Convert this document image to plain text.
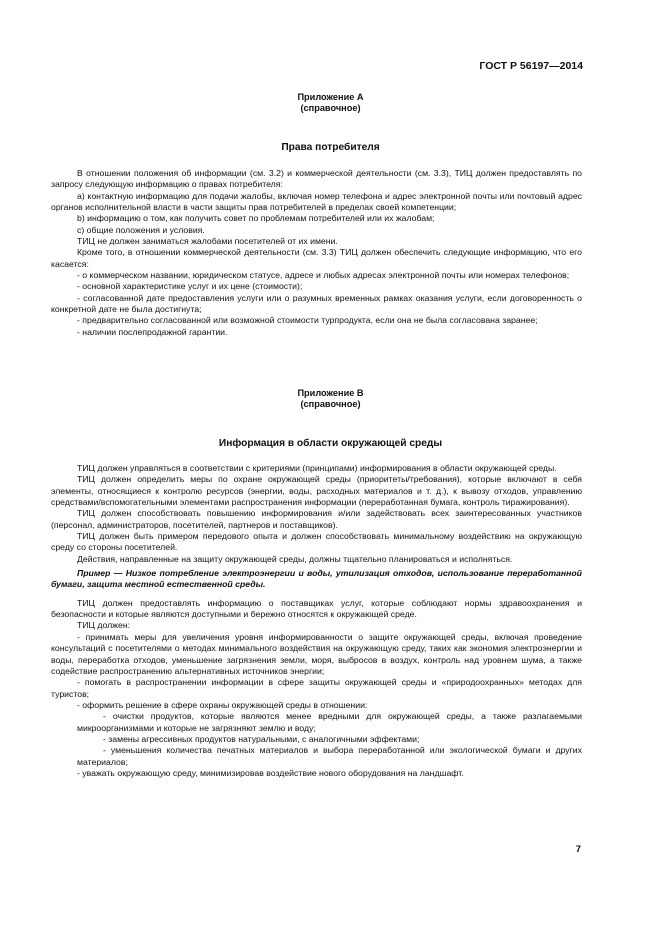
ГОСТ Р 56197—2014
Приложение А
(справочное)
Права потребителя

В отношении положения об информации (см. 3.2) и коммерческой деятельности (см. 3.3), ТИЦ должен предоставлять по запросу следующую информацию о правах потребителя:

а) контактную информацию для подачи жалобы, включая номер телефона и адрес электронной почты или почтовый адрес органов исполнительной власти в части защиты прав потребителей в пределах своей компетенции;

b) информацию о том, как получить совет по проблемам потребителей или их жалобам;

с) общие положения и условия.

ТИЦ не должен заниматься жалобами посетителей от их имени.

Кроме того, в отношении коммерческой деятельности (см. 3.3) ТИЦ должен обеспечить следующие информацию, что его касается:

- о коммерческом названии, юридическом статусе, адресе и любых адресах электронной почты или номерах телефонов;

- основной характеристике услуг и их цене (стоимости);

- согласованной дате предоставления услуги или о разумных временных рамках оказания услуги, если договоренность о конкретной дате не была достигнута;

- предварительно согласованной или возможной стоимости турпродукта, если она не была согласована заранее;

- наличии послепродажной гарантии.

Приложение В
(справочное)
Информация в области окружающей среды

ТИЦ должен управляться в соответствии с критериями (принципами) информирования в области окружающей среды.

ТИЦ должен определить меры по охране окружающей среды (приоритеты/требования), которые включают в себя элементы, относящиеся к контролю ресурсов (энергии, воды, расходных материалов и т. д.), к вывозу отходов, управлению средствами/вспомогательными элементами распространения информации (переработанная бумага, контроль тиражирования).

ТИЦ должен способствовать повышению информирования и/или задействовать всех заинтересованных участников (персонал, администраторов, посетителей, партнеров и поставщиков).

ТИЦ должен быть примером передового опыта и должен способствовать минимальному воздействию на окружающую среду со стороны посетителей.

Действия, направленные на защиту окружающей среды, должны тщательно планироваться и исполняться.

Пример — Низкое потребление электроэнергии и воды, утилизация отходов, использование переработанной бумаги, защита местной естественной среды.

ТИЦ должен предоставлять информацию о поставщиках услуг, которые соблюдают нормы здравоохранения и безопасности и которые являются доступными и бережно относятся к окружающей среде.

ТИЦ должен:

- принимать меры для увеличения уровня информированности о защите окружающей среды, включая проведение консультаций с посетителями о методах минимального воздействия на окружающую среду, таких как экономия электроэнергии и воды, переработка отходов, уменьшение загрязнения земли, моря, выбросов в воздух, контроль над уровнем шума, а также содействие распространению альтернативных источников энергии;

- помогать в распространении информации в сфере защиты окружающей среды и «природоохранных» методах для туристов;

- оформить решение в сфере охраны окружающей среды в отношении:

- очистки продуктов, которые являются менее вредными для окружающей среды, а также разлагаемыми микроорганизмами и которые не загрязняют землю и воду;

- замены агрессивных продуктов натуральными, с аналогичными эффектами;

- уменьшения количества печатных материалов и выбора переработанной или экологической бумаги и других материалов;

- уважать окружающую среду, минимизировав воздействие нового оборудования на ландшафт.

7
